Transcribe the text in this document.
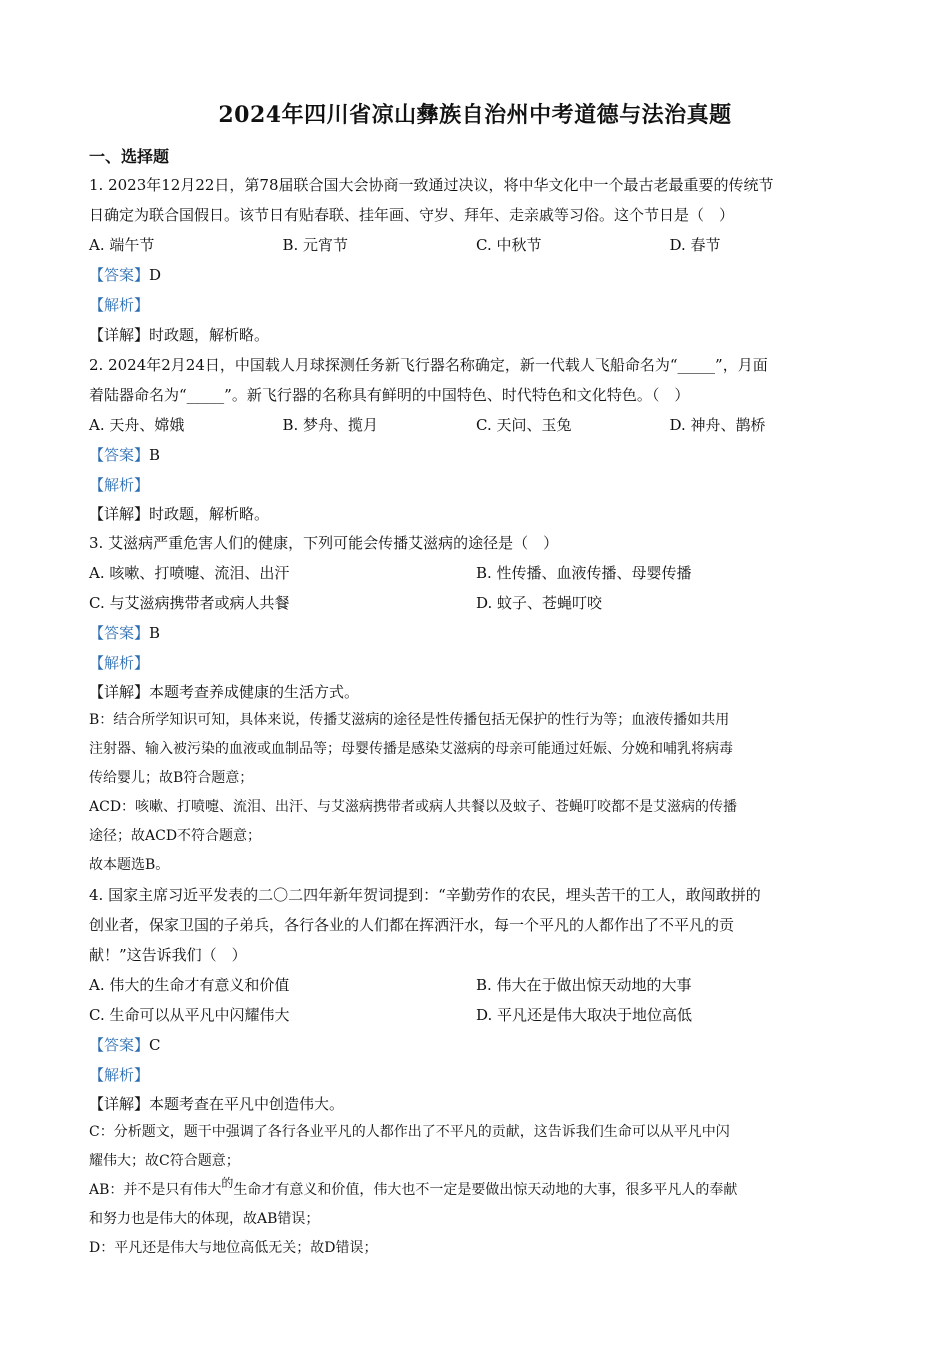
2024年四川省凉山彝族自治州中考道德与法治真题
一、选择题
1. 2023年12月22日，第78届联合国大会协商一致通过决议，将中华文化中一个最古老最重要的传统节
日确定为联合国假日。该节日有贴春联、挂年画、守岁、拜年、走亲戚等习俗。这个节日是（　）
A. 端午节	B. 元宵节	C. 中秋节	D. 春节
【答案】D
【解析】
【详解】时政题，解析略。
2. 2024年2月24日，中国载人月球探测任务新飞行器名称确定，新一代载人飞船命名为“_____”，月面
着陆器命名为“_____”。新飞行器的名称具有鲜明的中国特色、时代特色和文化特色。（　）
A. 天舟、嫦娥	B. 梦舟、揽月	C. 天问、玉兔	D. 神舟、鹊桥
【答案】B
【解析】
【详解】时政题，解析略。
3. 艾滋病严重危害人们的健康，下列可能会传播艾滋病的途径是（　）
A. 咳嗽、打喷嚏、流泪、出汗	B. 性传播、血液传播、母婴传播
C. 与艾滋病携带者或病人共餐	D. 蚊子、苍蝇叮咬
【答案】B
【解析】
【详解】本题考查养成健康的生活方式。
B：结合所学知识可知，具体来说，传播艾滋病的途径是性传播包括无保护的性行为等；血液传播如共用
注射器、输入被污染的血液或血制品等；母婴传播是感染艾滋病的母亲可能通过妊娠、分娩和哺乳将病毒
传给婴儿；故B符合题意；
ACD：咳嗽、打喷嚏、流泪、出汗、与艾滋病携带者或病人共餐以及蚊子、苍蝇叮咬都不是艾滋病的传播
途径；故ACD不符合题意；
故本题选B。
4. 国家主席习近平发表的二〇二四年新年贺词提到：“辛勤劳作的农民，埋头苦干的工人，敢闯敢拼的
创业者，保家卫国的子弟兵，各行各业的人们都在挥洒汗水，每一个平凡的人都作出了不平凡的贡
献！”这告诉我们（　）
A. 伟大的生命才有意义和价值	B. 伟大在于做出惊天动地的大事
C. 生命可以从平凡中闪耀伟大	D. 平凡还是伟大取决于地位高低
【答案】C
【解析】
【详解】本题考查在平凡中创造伟大。
C：分析题文，题干中强调了各行各业平凡的人都作出了不平凡的贡献，这告诉我们生命可以从平凡中闪
耀伟大；故C符合题意；
AB：并不是只有伟大的生命才有意义和价值，伟大也不一定是要做出惊天动地的大事，很多平凡人的奉献
和努力也是伟大的体现，故AB错误；
D：平凡还是伟大与地位高低无关；故D错误；
